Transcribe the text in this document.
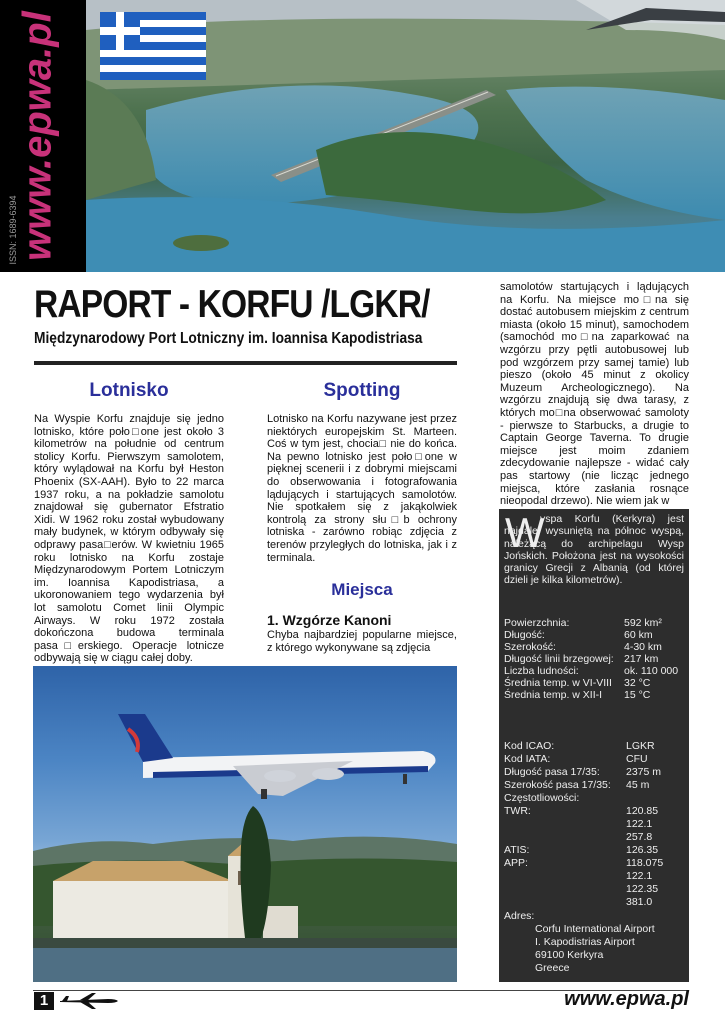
www.epwa.pl
ISSN: 1689-6394
RAPORT - KORFU /LGKR/
Międzynarodowy Port Lotniczny im. Ioannisa Kapodistriasa
Lotnisko
Na Wyspie Korfu znajduje się jedno lotnisko, które poło□one jest około 3 kilometrów na południe od centrum stolicy Korfu. Pierwszym samolotem, który wylądował na Korfu był Heston Phoenix (SX-AAH). Było to 22 marca 1937 roku, a na pokładzie samolotu znajdował się gubernator Efstratio Xidi. W 1962 roku został wybudowany mały budynek, w którym odbywały się odprawy pasa□erów. W kwietniu 1965 roku lotnisko na Korfu zostaje Międzynarodowym Portem Lotniczym im. Ioannisa Kapodistriasa, a ukoronowaniem tego wydarzenia był lot samolotu Comet linii Olympic Airways. W roku 1972 została dokończona budowa terminala pasa□erskiego. Operacje lotnicze odbywają się w ciągu całej doby.
Spotting
Lotnisko na Korfu nazywane jest przez niektórych europejskim St. Marteen. Coś w tym jest, chocia□ nie do końca. Na pewno lotnisko jest poło□one w pięknej scenerii i z dobrymi miejscami do obserwowania i fotografowania lądujących i startujących samolotów. Nie spotkałem się z jakąkolwiek kontrolą za strony słu□b ochrony lotniska - zarówno robiąc zdjęcia z terenów przyległych do lotniska, jak i z terminala.
Miejsca
1. Wzgórze Kanoni
Chyba najbardziej popularne miejsce, z którego wykonywane są zdjęcia
samolotów startujących i lądujących na Korfu. Na miejsce mo□na się dostać autobusem miejskim z centrum miasta (około 15 minut), samochodem (samochód mo□na zaparkować na wzgórzu przy pętli autobusowej lub pod wzgórzem przy samej tamie) lub pieszo (około 45 minut z okolicy Muzeum Archeologicznego). Na wzgórzu znajdują się dwa tarasy, z których mo□na obserwować samoloty - pierwsze to Starbucks, a drugie to Captain George Taverna. To drugie miejsce jest moim zdaniem zdecydowanie najlepsze - widać cały pas startowy (nie licząc jednego miejsca, które zasłania rosnące nieopodal drzewo). Nie wiem jak w
W
yspa Korfu (Kerkyra) jest najdalej wysuniętą na północ wyspą, należącą do archipelagu Wysp Jońskich. Położona jest na wysokości granicy Grecji z Albanią (od której dzieli je kilka kilometrów).
Powierzchnia:	592 km²
Długość:	60 km
Szerokość:	4-30 km
Długość linii brzegowej: 217 km
Liczba ludności:	ok. 110 000
Średnia temp. w VI-VIII 32 °C
Średnia temp. w XII-I 15 °C
Kod ICAO:	LGKR
Kod IATA:	CFU
Długość pasa 17/35:	2375 m
Szerokość pasa 17/35: 45 m
Częstotliowości:
TWR:	120.85
122.1
257.8
ATIS:	126.35
APP:	118.075
122.1
122.35
381.0
Adres:
Corfu International Airport
I. Kapodistrias Airport
69100 Kerkyra
Greece
1	www.epwa.pl
